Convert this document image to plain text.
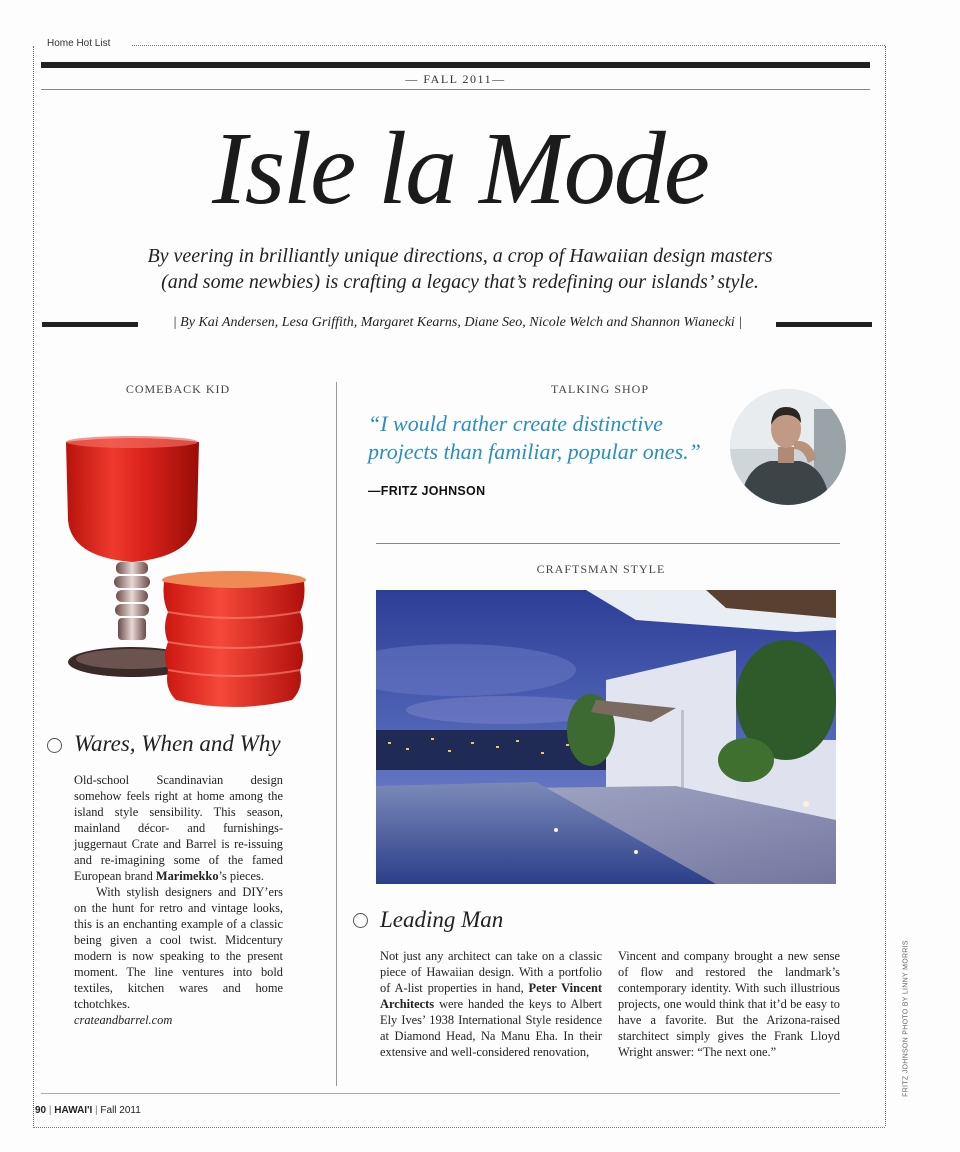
Home Hot List
— FALL 2011—
Isle la Mode
By veering in brilliantly unique directions, a crop of Hawaiian design masters
(and some newbies) is crafting a legacy that’s redefining our islands’ style.
| By Kai Andersen, Lesa Griffith, Margaret Kearns, Diane Seo, Nicole Welch and Shannon Wianecki |
COMEBACK KID
Wares, When and Why

Old-school Scandinavian design somehow feels right at home among the island style sensibility. This season, mainland décor- and furnishings-juggernaut Crate and Barrel is re-issuing and re-imagining some of the famed European brand Marimekko’s pieces.

With stylish designers and DIY’ers on the hunt for retro and vintage looks, this is an enchanting example of a classic being given a cool twist. Midcentury modern is now speaking to the present moment. The line ventures into bold textiles, kitchen wares and home tchotchkes.
crateandbarrel.com

TALKING SHOP
“I would rather create distinctive projects than familiar, popular ones.”
—FRITZ JOHNSON
CRAFTSMAN STYLE
Leading Man

Not just any architect can take on a classic piece of Hawaiian design. With a portfolio of A-list properties in hand, Peter Vincent Architects were handed the keys to Albert Ely Ives’ 1938 International Style residence at Diamond Head, Na Manu Eha. In their extensive and well-considered renovation,

Vincent and company brought a new sense of flow and restored the landmark’s contemporary identity. With such illustrious projects, one would think that it’d be easy to have a favorite. But the Arizona-raised starchitect simply gives the Frank Lloyd Wright answer: “The next one.”

90 | HAWAI'I | Fall 2011
FRITZ JOHNSON PHOTO BY LINNY MORRIS
